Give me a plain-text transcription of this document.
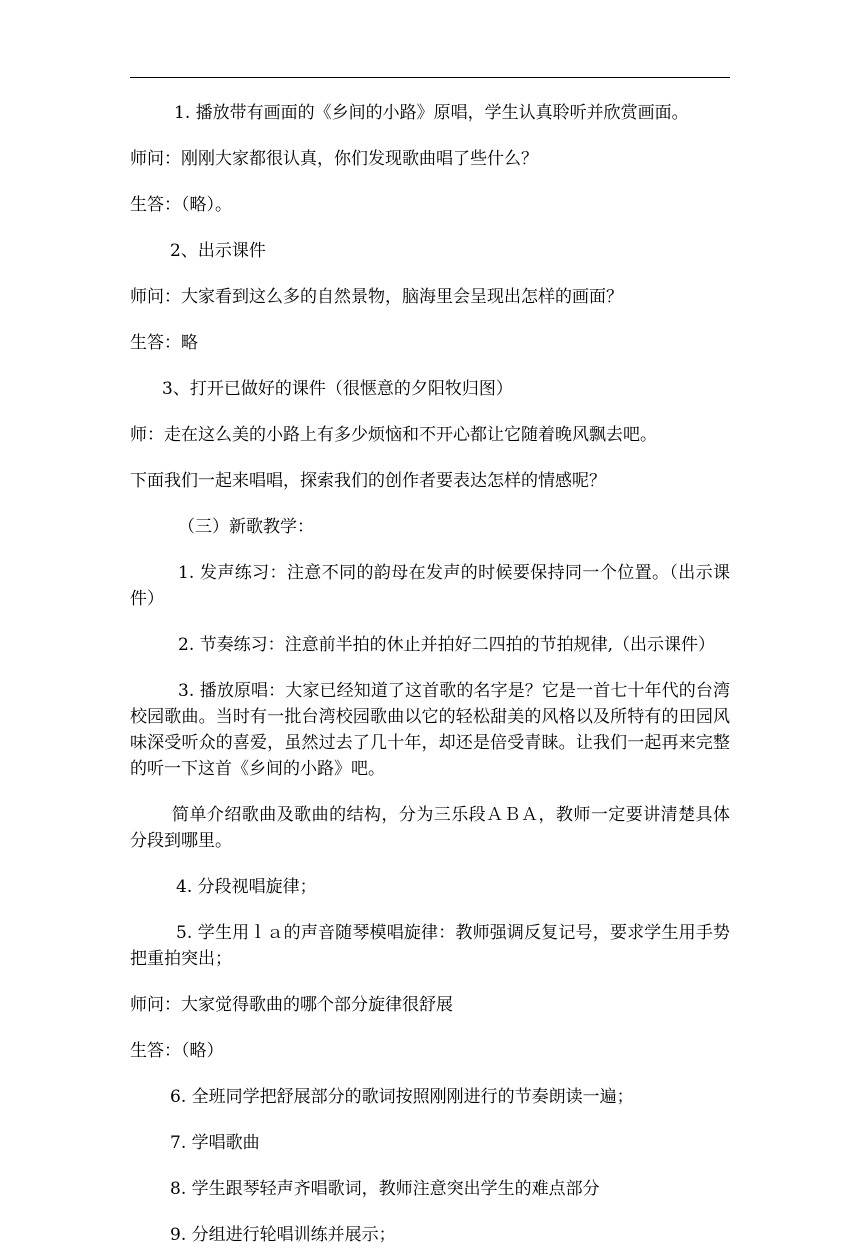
1. 播放带有画面的《乡间的小路》原唱，学生认真聆听并欣赏画面。

师问：刚刚大家都很认真，你们发现歌曲唱了些什么？

生答：（略）。

2、出示课件

师问：大家看到这么多的自然景物，脑海里会呈现出怎样的画面？

生答：略

3、打开已做好的课件（很惬意的夕阳牧归图）

师：走在这么美的小路上有多少烦恼和不开心都让它随着晚风飘去吧。

下面我们一起来唱唱，探索我们的创作者要表达怎样的情感呢？

（三）新歌教学：

1. 发声练习：注意不同的韵母在发声的时候要保持同一个位置。（出示课件）

2. 节奏练习：注意前半拍的休止并拍好二四拍的节拍规律,（出示课件）

3. 播放原唱：大家已经知道了这首歌的名字是？它是一首七十年代的台湾校园歌曲。当时有一批台湾校园歌曲以它的轻松甜美的风格以及所特有的田园风味深受听众的喜爱，虽然过去了几十年，却还是倍受青睐。让我们一起再来完整的听一下这首《乡间的小路》吧。

简单介绍歌曲及歌曲的结构，分为三乐段ＡＢＡ，教师一定要讲清楚具体分段到哪里。

4. 分段视唱旋律；

5. 学生用ｌａ的声音随琴模唱旋律：教师强调反复记号，要求学生用手势把重拍突出；

师问：大家觉得歌曲的哪个部分旋律很舒展

生答：（略）

6. 全班同学把舒展部分的歌词按照刚刚进行的节奏朗读一遍；

7. 学唱歌曲

8. 学生跟琴轻声齐唱歌词，教师注意突出学生的难点部分

9. 分组进行轮唱训练并展示；
